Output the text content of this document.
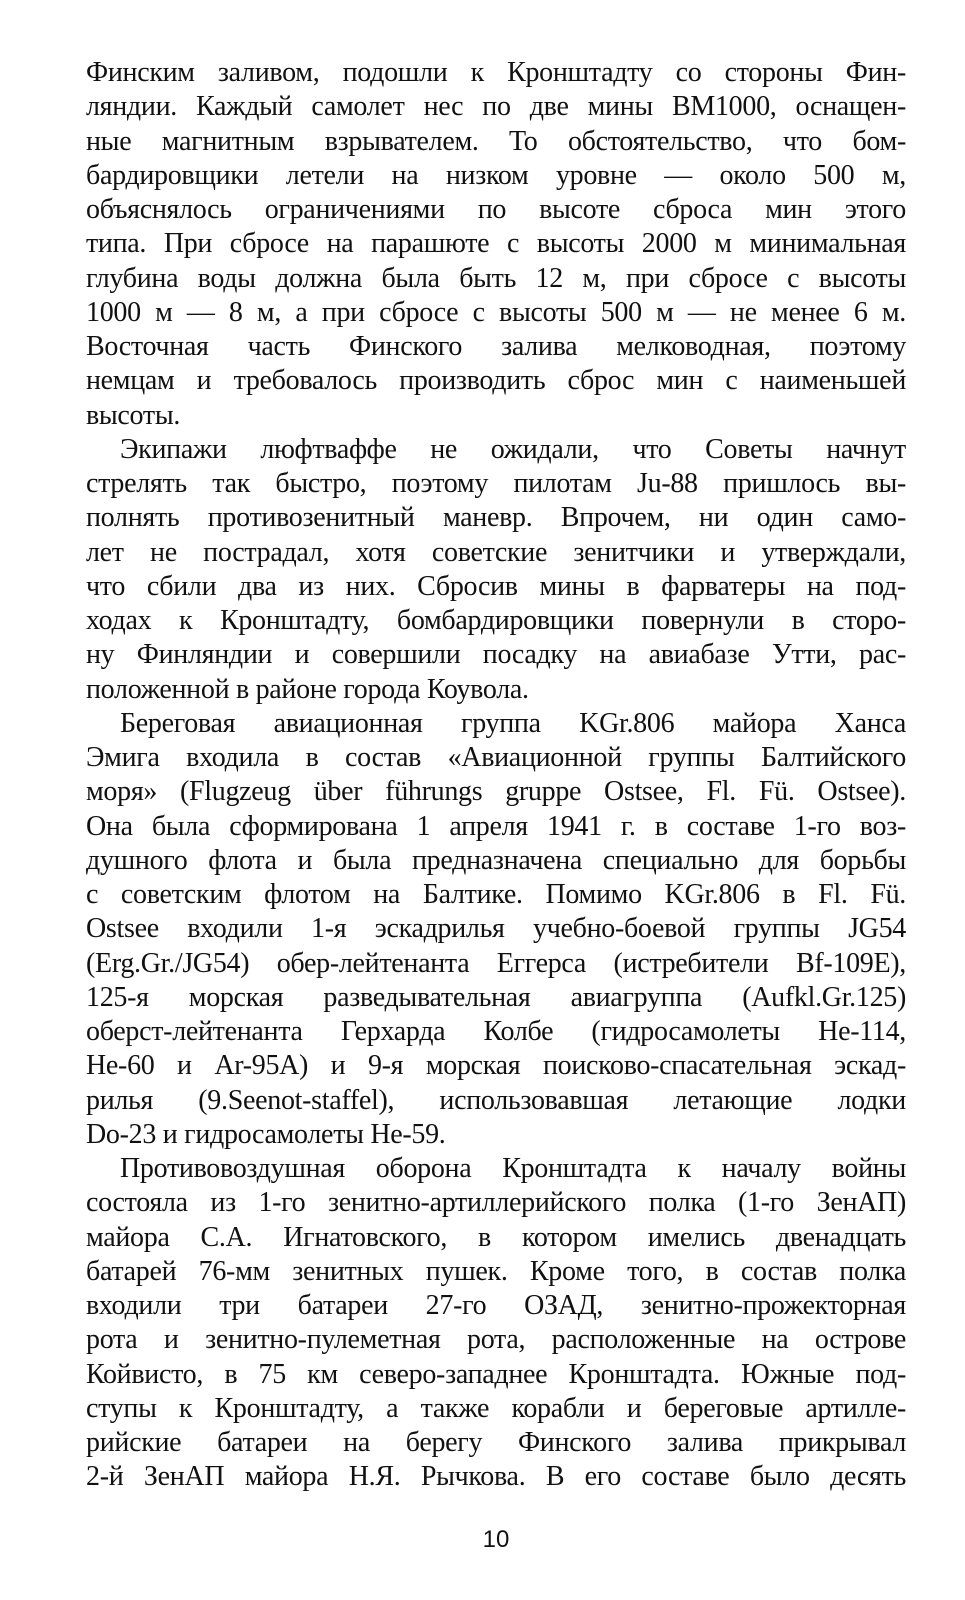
Финским заливом, подошли к Кронштадту со стороны Фин-
ляндии. Каждый самолет нес по две мины ВМ1000, оснащен-
ные магнитным взрывателем. То обстоятельство, что бом-
бардировщики летели на низком уровне — около 500 м,
объяснялось ограничениями по высоте сброса мин этого
типа. При сбросе на парашюте с высоты 2000 м минимальная
глубина воды должна была быть 12 м, при сбросе с высоты
1000 м — 8 м, а при сбросе с высоты 500 м — не менее 6 м.
Восточная часть Финского залива мелководная, поэтому
немцам и требовалось производить сброс мин с наименьшей
высоты.
Экипажи люфтваффе не ожидали, что Советы начнут
стрелять так быстро, поэтому пилотам Ju-88 пришлось вы-
полнять противозенитный маневр. Впрочем, ни один само-
лет не пострадал, хотя советские зенитчики и утверждали,
что сбили два из них. Сбросив мины в фарватеры на под-
ходах к Кронштадту, бомбардировщики повернули в сторо-
ну Финляндии и совершили посадку на авиабазе Утти, рас-
положенной в районе города Коувола.
Береговая авиационная группа KGr.806 майора Ханса
Эмига входила в состав «Авиационной группы Балтийского
моря» (Flugzeug über führungs gruppe Ostsee, Fl. Fü. Ostsee).
Она была сформирована 1 апреля 1941 г. в составе 1-го воз-
душного флота и была предназначена специально для борьбы
с советским флотом на Балтике. Помимо KGr.806 в Fl. Fü.
Ostsee входили 1-я эскадрилья учебно-боевой группы JG54
(Erg.Gr./JG54) обер-лейтенанта Еггерса (истребители Bf-109E),
125-я морская разведывательная авиагруппа (Aufkl.Gr.125)
оберст-лейтенанта Герхарда Колбе (гидросамолеты Не-114,
Не-60 и Ar-95A) и 9-я морская поисково-спасательная эскад-
рилья (9.Seenot-staffel), использовавшая летающие лодки
Do-23 и гидросамолеты Не-59.
Противовоздушная оборона Кронштадта к началу войны
состояла из 1-го зенитно-артиллерийского полка (1-го ЗенАП)
майора С.А. Игнатовского, в котором имелись двенадцать
батарей 76-мм зенитных пушек. Кроме того, в состав полка
входили три батареи 27-го ОЗАД, зенитно-прожекторная
рота и зенитно-пулеметная рота, расположенные на острове
Койвисто, в 75 км северо-западнее Кронштадта. Южные под-
ступы к Кронштадту, а также корабли и береговые артилле-
рийские батареи на берегу Финского залива прикрывал
2-й ЗенАП майора Н.Я. Рычкова. В его составе было десять
10
